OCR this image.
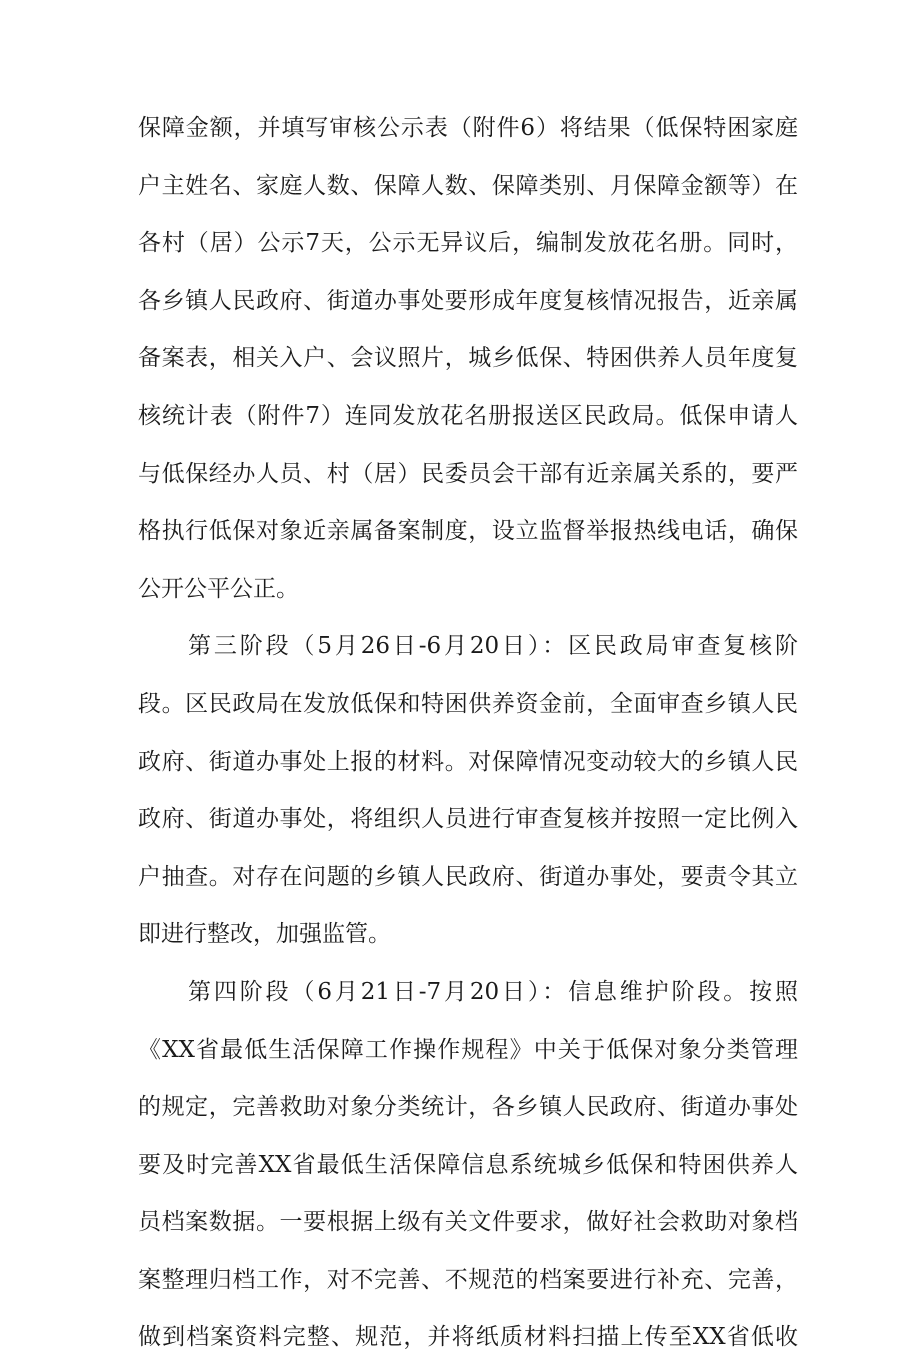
保障金额，并填写审核公示表（附件6）将结果（低保特困家庭
户主姓名、家庭人数、保障人数、保障类别、月保障金额等）在
各村（居）公示7天，公示无异议后，编制发放花名册。同时，
各乡镇人民政府、街道办事处要形成年度复核情况报告，近亲属
备案表，相关入户、会议照片，城乡低保、特困供养人员年度复
核统计表（附件7）连同发放花名册报送区民政局。低保申请人
与低保经办人员、村（居）民委员会干部有近亲属关系的，要严
格执行低保对象近亲属备案制度，设立监督举报热线电话，确保
公开公平公正。
第三阶段（5月26日-6月20日）：区民政局审查复核阶
段。区民政局在发放低保和特困供养资金前，全面审查乡镇人民
政府、街道办事处上报的材料。对保障情况变动较大的乡镇人民
政府、街道办事处，将组织人员进行审查复核并按照一定比例入
户抽查。对存在问题的乡镇人民政府、街道办事处，要责令其立
即进行整改，加强监管。
第四阶段（6月21日-7月20日）：信息维护阶段。按照
《XX省最低生活保障工作操作规程》中关于低保对象分类管理
的规定，完善救助对象分类统计，各乡镇人民政府、街道办事处
要及时完善XX省最低生活保障信息系统城乡低保和特困供养人
员档案数据。一要根据上级有关文件要求，做好社会救助对象档
案整理归档工作，对不完善、不规范的档案要进行补充、完善，
做到档案资料完整、规范，并将纸质材料扫描上传至XX省低收
